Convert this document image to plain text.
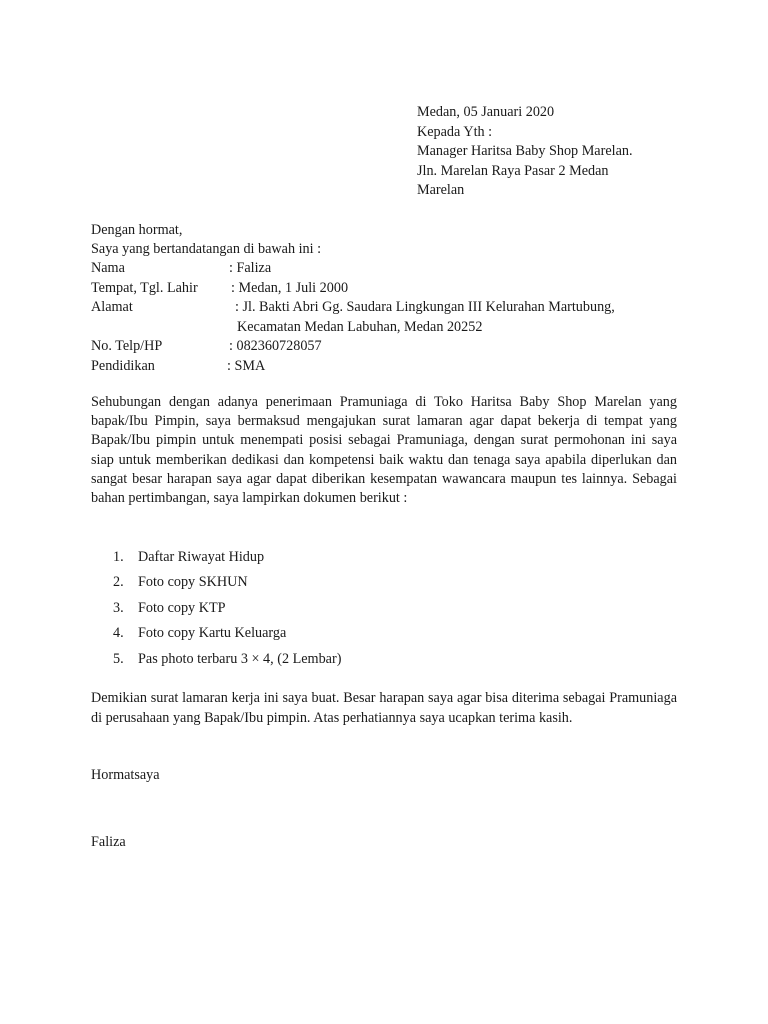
Medan, 05 Januari 2020
Kepada Yth :
Manager Haritsa Baby Shop Marelan.
Jln. Marelan Raya Pasar 2 Medan
Marelan
Dengan hormat,
Saya yang bertandatangan di bawah ini :
Nama	: Faliza
Tempat, Tgl. Lahir : Medan, 1 Juli 2000
Alamat	: Jl. Bakti Abri Gg. Saudara Lingkungan III Kelurahan Martubung,
Kecamatan Medan Labuhan, Medan 20252
No. Telp/HP	: 082360728057
Pendidikan	: SMA
Sehubungan dengan adanya penerimaan Pramuniaga di Toko Haritsa Baby Shop Marelan yang bapak/Ibu Pimpin, saya bermaksud mengajukan surat lamaran agar dapat bekerja di tempat yang Bapak/Ibu pimpin untuk menempati posisi sebagai Pramuniaga, dengan surat permohonan ini saya siap untuk memberikan dedikasi dan kompetensi baik waktu dan tenaga saya apabila diperlukan dan sangat besar harapan saya agar dapat diberikan kesempatan wawancara maupun tes lainnya. Sebagai bahan pertimbangan, saya lampirkan dokumen berikut :
1. Daftar Riwayat Hidup
2. Foto copy SKHUN
3. Foto copy KTP
4. Foto copy Kartu Keluarga
5. Pas photo terbaru 3 × 4, (2 Lembar)
Demikian surat lamaran kerja ini saya buat. Besar harapan saya agar bisa diterima sebagai Pramuniaga di perusahaan yang Bapak/Ibu pimpin. Atas perhatiannya saya ucapkan terima kasih.
Hormatsaya
Faliza
